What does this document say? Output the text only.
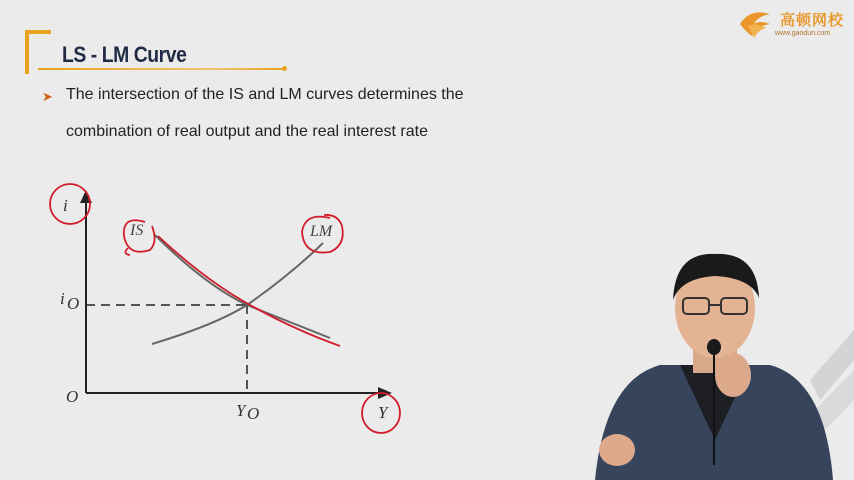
LS - LM Curve
高顿网校
www.gaodun.com
➤ The intersection of the IS and LM curves determines the
combination of real output and the real interest rate
i
Y
O
i O
Y O
IS	LM
